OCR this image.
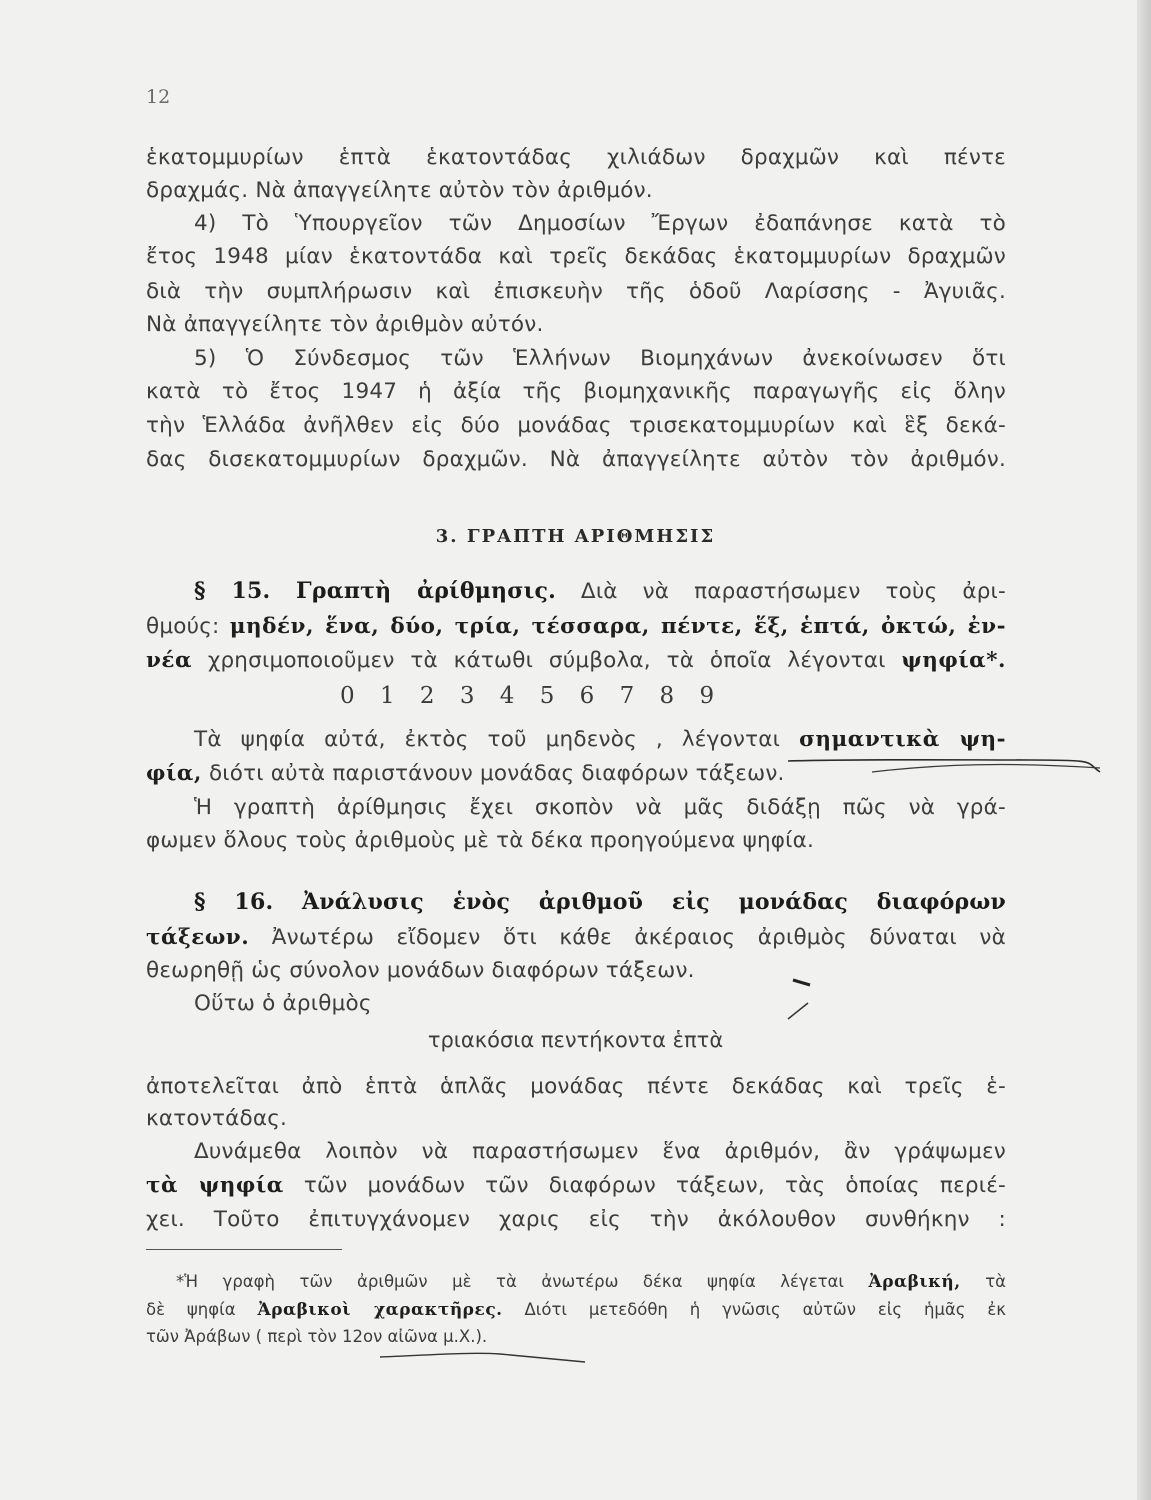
12
ἑκατομμυρίων ἑπτὰ ἑκατοντάδας χιλιάδων δραχμῶν καὶ πέντε
δραχμάς. Νὰ ἀπαγγείλητε αὐτὸν τὸν ἀριθμόν.
4) Τὸ Ὑπουργεῖον τῶν Δημοσίων Ἔργων ἐδαπάνησε κατὰ τὸ
ἔτος 1948 μίαν ἑκατοντάδα καὶ τρεῖς δεκάδας ἑκατομμυρίων δραχμῶν
διὰ τὴν συμπλήρωσιν καὶ ἐπισκευὴν τῆς ὁδοῦ Λαρίσσης - Ἀγυιᾶς.
Νὰ ἀπαγγείλητε τὸν ἀριθμὸν αὐτόν.
5) Ὁ Σύνδεσμος τῶν Ἑλλήνων Βιομηχάνων ἀνεκοίνωσεν ὅτι
κατὰ τὸ ἔτος 1947 ἡ ἀξία τῆς βιομηχανικῆς παραγωγῆς εἰς ὅλην
τὴν Ἑλλάδα ἀνῆλθεν εἰς δύο μονάδας τρισεκατομμυρίων καὶ ἓξ δεκά-
δας δισεκατομμυρίων δραχμῶν. Νὰ ἀπαγγείλητε αὐτὸν τὸν ἀριθμόν.
3. ΓΡΑΠΤΗ ΑΡΙΘΜΗΣΙΣ
§ 15. Γραπτὴ ἀρίθμησις. Διὰ νὰ παραστήσωμεν τοὺς ἀρι-
θμούς: μηδέν, ἕνα, δύο, τρία, τέσσαρα, πέντε, ἕξ, ἑπτά, ὀκτώ, ἐν-
νέα χρησιμοποιοῦμεν τὰ κάτωθι σύμβολα, τὰ ὁποῖα λέγονται ψηφία*.
0 1 2 3 4 5 6 7 8 9
Τὰ ψηφία αὐτά, ἐκτὸς τοῦ μηδενὸς , λέγονται σημαντικὰ ψη-
φία, διότι αὐτὰ παριστάνουν μονάδας διαφόρων τάξεων.
Ἡ γραπτὴ ἀρίθμησις ἔχει σκοπὸν νὰ μᾶς διδάξῃ πῶς νὰ γρά-
φωμεν ὅλους τοὺς ἀριθμοὺς μὲ τὰ δέκα προηγούμενα ψηφία.
§ 16. Ἀνάλυσις ἑνὸς ἀριθμοῦ εἰς μονάδας διαφόρων
τάξεων. Ἀνωτέρω εἴδομεν ὅτι κάθε ἀκέραιος ἀριθμὸς δύναται νὰ
θεωρηθῇ ὡς σύνολον μονάδων διαφόρων τάξεων.
Οὕτω ὁ ἀριθμὸς
τριακόσια πεντήκοντα ἑπτὰ
ἀποτελεῖται ἀπὸ ἑπτὰ ἁπλᾶς μονάδας πέντε δεκάδας καὶ τρεῖς ἑ-
κατοντάδας.
Δυνάμεθα λοιπὸν νὰ παραστήσωμεν ἕνα ἀριθμόν, ἂν γράψωμεν
τὰ ψηφία τῶν μονάδων τῶν διαφόρων τάξεων, τὰς ὁποίας περιέ-
χει. Τοῦτο ἐπιτυγχάνομεν χαρις εἰς τὴν ἀκόλουθον συνθήκην :
*Ἡ γραφὴ τῶν ἀριθμῶν μὲ τὰ ἀνωτέρω δέκα ψηφία λέγεται Ἀραβική, τὰ
δὲ ψηφία Ἀραβικοὶ χαρακτῆρες. Διότι μετεδόθη ἡ γνῶσις αὐτῶν εἰς ἡμᾶς ἐκ
τῶν Ἀράβων ( περὶ τὸν 12ον αἰῶνα μ.Χ.).
